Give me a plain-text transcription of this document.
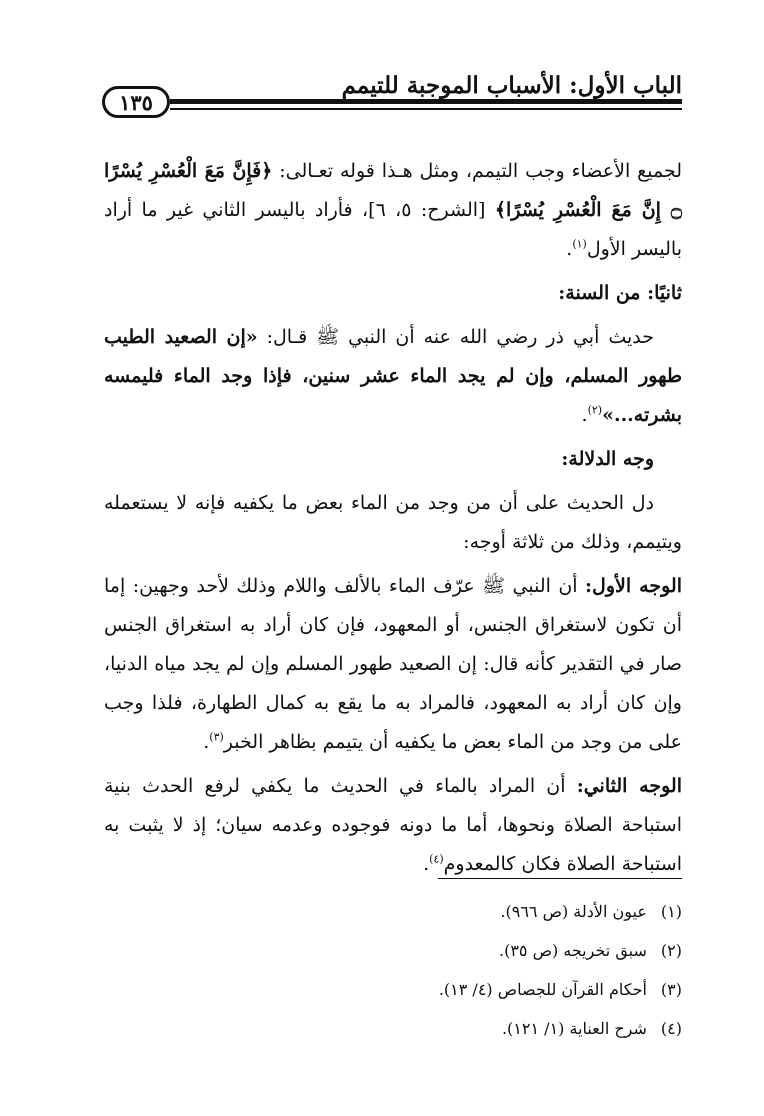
الباب الأول: الأسباب الموجبة للتيمم
١٣٥

لجميع الأعضاء وجب التيمم، ومثل هـذا قوله تعـالى: ﴿فَإِنَّ مَعَ الْعُسْرِ يُسْرًا ۝ إِنَّ مَعَ الْعُسْرِ يُسْرًا﴾ [الشرح: ٥، ٦]، فأراد باليسر الثاني غير ما أراد باليسر الأول$^{(١)}$.

ثانيًا: من السنة:

حديث أبي ذر رضي الله عنه أن النبي ﷺ قـال: «إن الصعيد الطيب طهور المسلم، وإن لم يجد الماء عشر سنين، فإذا وجد الماء فليمسه بشرته...»$^{(٢)}$.

وجه الدلالة:

دل الحديث على أن من وجد من الماء بعض ما يكفيه فإنه لا يستعمله ويتيمم، وذلك من ثلاثة أوجه:

الوجه الأول: أن النبي ﷺ عرّف الماء بالألف واللام وذلك لأحد وجهين: إما أن تكون لاستغراق الجنس، أو المعهود، فإن كان أراد به استغراق الجنس صار في التقدير كأنه قال: إن الصعيد طهور المسلم وإن لم يجد مياه الدنيا، وإن كان أراد به المعهود، فالمراد به ما يقع به كمال الطهارة، فلذا وجب على من وجد من الماء بعض ما يكفيه أن يتيمم بظاهر الخبر$^{(٣)}$.

الوجه الثاني: أن المراد بالماء في الحديث ما يكفي لرفع الحدث بنية استباحة الصلاة ونحوها، أما ما دونه فوجوده وعدمه سيان؛ إذ لا يثبت به استباحة الصلاة فكان كالمعدوم$^{(٤)}$.

(١) عيون الأدلة (ص ٩٦٦).
(٢) سبق تخريجه (ص ٣٥).
(٣) أحكام القرآن للجصاص (٤/ ١٣).
(٤) شرح العناية (١/ ١٢١).
